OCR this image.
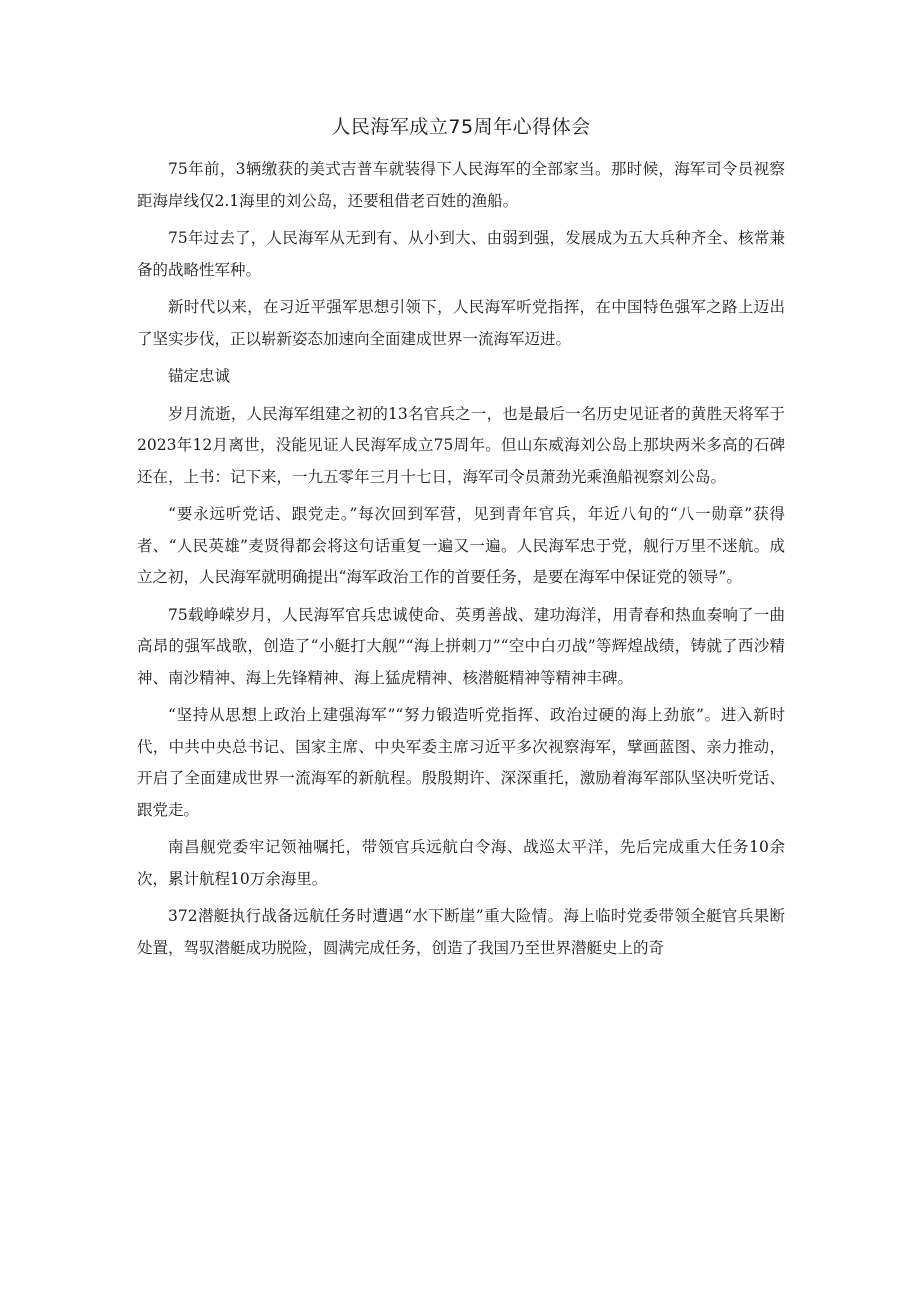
人民海军成立75周年心得体会

75年前，3辆缴获的美式吉普车就装得下人民海军的全部家当。那时候，海军司令员视察距海岸线仅2.1海里的刘公岛，还要租借老百姓的渔船。

75年过去了，人民海军从无到有、从小到大、由弱到强，发展成为五大兵种齐全、核常兼备的战略性军种。

新时代以来，在习近平强军思想引领下，人民海军听党指挥，在中国特色强军之路上迈出了坚实步伐，正以崭新姿态加速向全面建成世界一流海军迈进。

锚定忠诚

岁月流逝，人民海军组建之初的13名官兵之一，也是最后一名历史见证者的黄胜天将军于2023年12月离世，没能见证人民海军成立75周年。但山东威海刘公岛上那块两米多高的石碑还在，上书：记下来，一九五零年三月十七日，海军司令员萧劲光乘渔船视察刘公岛。

“要永远听党话、跟党走。”每次回到军营，见到青年官兵，年近八旬的“八一勋章”获得者、“人民英雄”麦贤得都会将这句话重复一遍又一遍。人民海军忠于党，舰行万里不迷航。成立之初，人民海军就明确提出“海军政治工作的首要任务，是要在海军中保证党的领导”。

75载峥嵘岁月，人民海军官兵忠诚使命、英勇善战、建功海洋，用青春和热血奏响了一曲高昂的强军战歌，创造了“小艇打大舰”“海上拼刺刀”“空中白刃战”等辉煌战绩，铸就了西沙精神、南沙精神、海上先锋精神、海上猛虎精神、核潜艇精神等精神丰碑。

“坚持从思想上政治上建强海军”“努力锻造听党指挥、政治过硬的海上劲旅”。进入新时代，中共中央总书记、国家主席、中央军委主席习近平多次视察海军，擘画蓝图、亲力推动，开启了全面建成世界一流海军的新航程。殷殷期许、深深重托，激励着海军部队坚决听党话、跟党走。

南昌舰党委牢记领袖嘱托，带领官兵远航白令海、战巡太平洋，先后完成重大任务10余次，累计航程10万余海里。

372潜艇执行战备远航任务时遭遇“水下断崖”重大险情。海上临时党委带领全艇官兵果断处置，驾驭潜艇成功脱险，圆满完成任务，创造了我国乃至世界潜艇史上的奇
